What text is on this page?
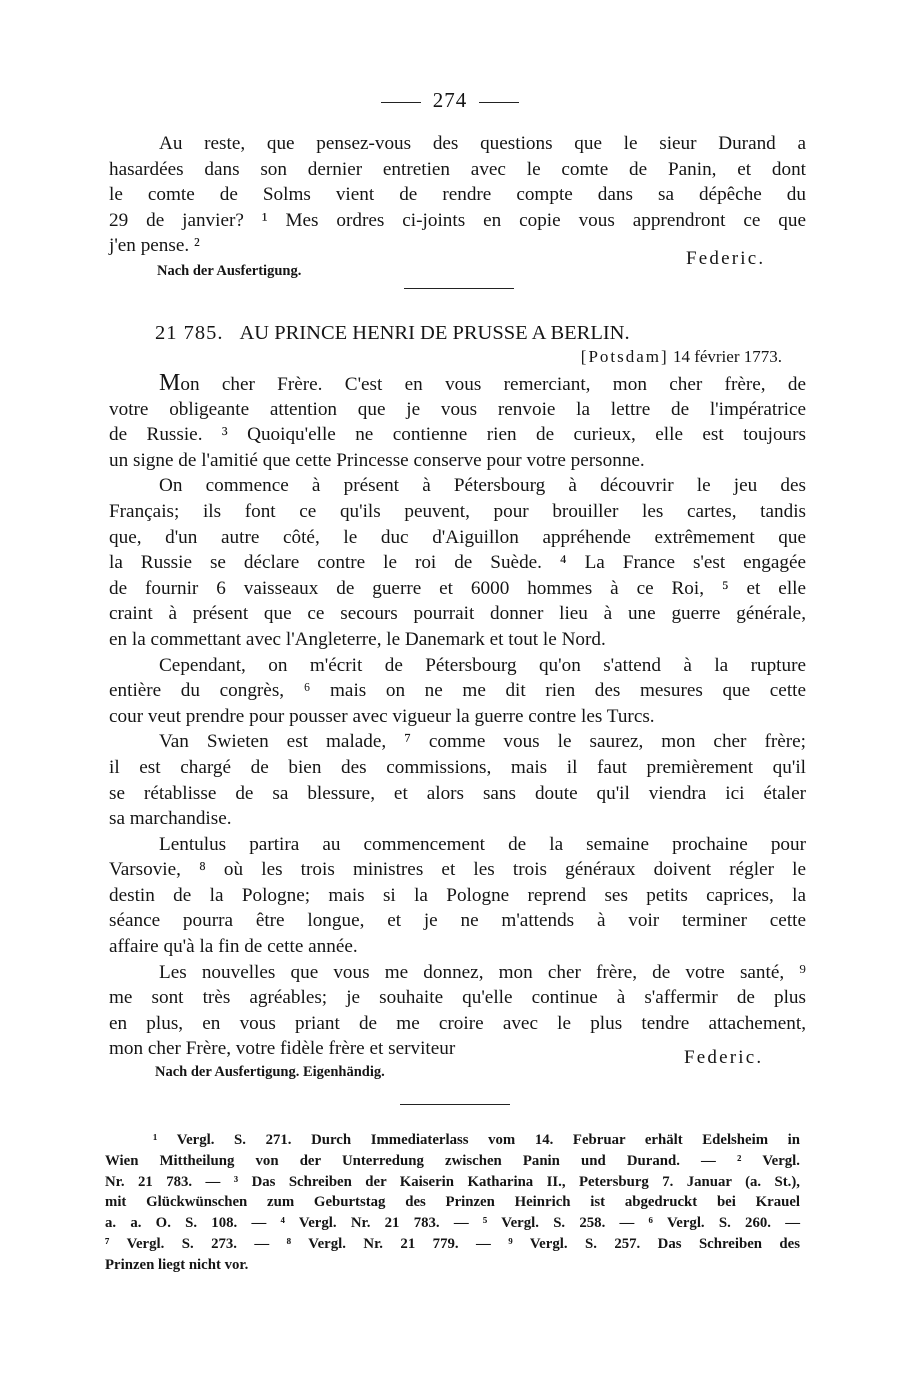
274
Au reste, que pensez-vous des questions que le sieur Durand a
hasardées dans son dernier entretien avec le comte de Panin, et dont
le comte de Solms vient de rendre compte dans sa dépêche du
29 de janvier? ¹ Mes ordres ci-joints en copie vous apprendront ce que
j'en pense. ²
Federic.
Nach der Ausfertigung.
21 785. AU PRINCE HENRI DE PRUSSE A BERLIN.
[Potsdam] 14 février 1773.
Mon cher Frère. C'est en vous remerciant, mon cher frère, de
votre obligeante attention que je vous renvoie la lettre de l'impératrice
de Russie. ³ Quoiqu'elle ne contienne rien de curieux, elle est toujours
un signe de l'amitié que cette Princesse conserve pour votre personne.
On commence à présent à Pétersbourg à découvrir le jeu des
Français; ils font ce qu'ils peuvent, pour brouiller les cartes, tandis
que, d'un autre côté, le duc d'Aiguillon appréhende extrêmement que
la Russie se déclare contre le roi de Suède. ⁴ La France s'est engagée
de fournir 6 vaisseaux de guerre et 6000 hommes à ce Roi, ⁵ et elle
craint à présent que ce secours pourrait donner lieu à une guerre générale,
en la commettant avec l'Angleterre, le Danemark et tout le Nord.
Cependant, on m'écrit de Pétersbourg qu'on s'attend à la rupture
entière du congrès, ⁶ mais on ne me dit rien des mesures que cette
cour veut prendre pour pousser avec vigueur la guerre contre les Turcs.
Van Swieten est malade, ⁷ comme vous le saurez, mon cher frère;
il est chargé de bien des commissions, mais il faut premièrement qu'il
se rétablisse de sa blessure, et alors sans doute qu'il viendra ici étaler
sa marchandise.
Lentulus partira au commencement de la semaine prochaine pour
Varsovie, ⁸ où les trois ministres et les trois généraux doivent régler le
destin de la Pologne; mais si la Pologne reprend ses petits caprices, la
séance pourra être longue, et je ne m'attends à voir terminer cette
affaire qu'à la fin de cette année.
Les nouvelles que vous me donnez, mon cher frère, de votre santé, ⁹
me sont très agréables; je souhaite qu'elle continue à s'affermir de plus
en plus, en vous priant de me croire avec le plus tendre attachement,
mon cher Frère, votre fidèle frère et serviteur	Federic.
Nach der Ausfertigung. Eigenhändig.
¹ Vergl. S. 271. Durch Immediaterlass vom 14. Februar erhält Edelsheim in
Wien Mittheilung von der Unterredung zwischen Panin und Durand. — ² Vergl.
Nr. 21 783. — ³ Das Schreiben der Kaiserin Katharina II., Petersburg 7. Januar (a. St.),
mit Glückwünschen zum Geburtstag des Prinzen Heinrich ist abgedruckt bei Krauel
a. a. O. S. 108. — ⁴ Vergl. Nr. 21 783. — ⁵ Vergl. S. 258. — ⁶ Vergl. S. 260. —
⁷ Vergl. S. 273. — ⁸ Vergl. Nr. 21 779. — ⁹ Vergl. S. 257. Das Schreiben des
Prinzen liegt nicht vor.
